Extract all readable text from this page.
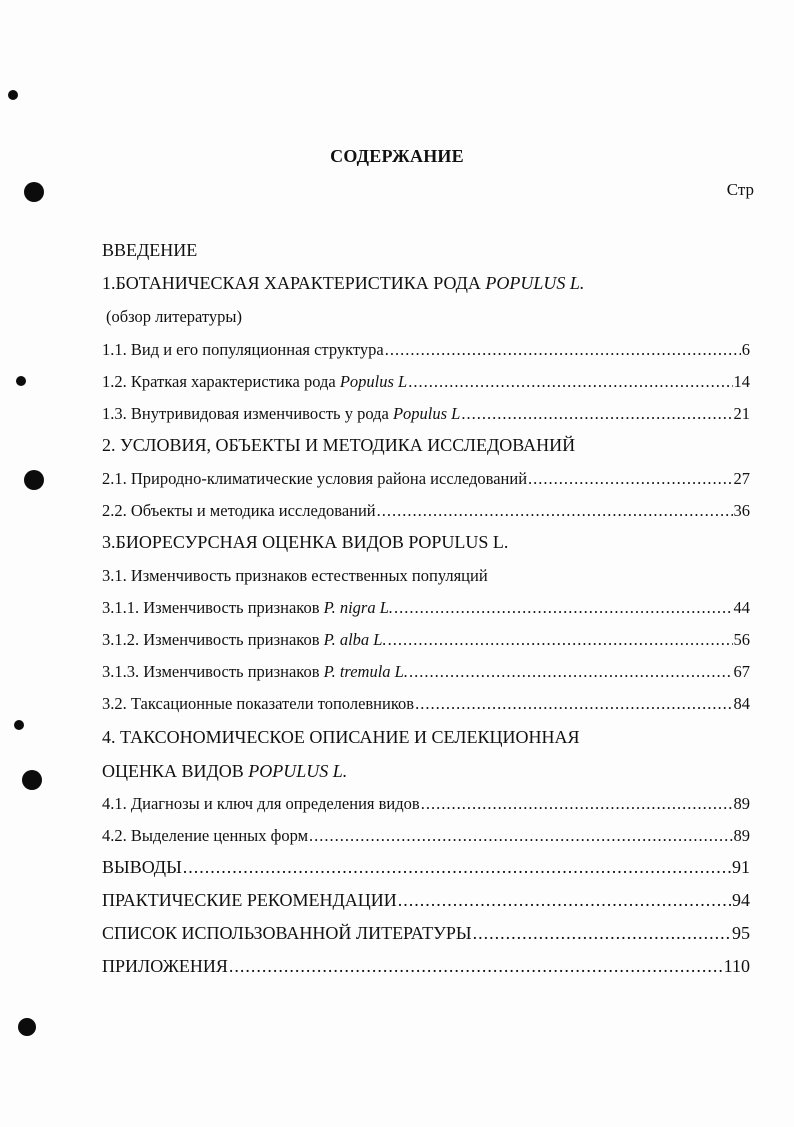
СОДЕРЖАНИЕ
Стр
ВВЕДЕНИЕ
1.БОТАНИЧЕСКАЯ ХАРАКТЕРИСТИКА РОДА POPULUS L.
(обзор литературы)
1.1. Вид и его популяционная структура .....	6
1.2. Краткая характеристика рода Populus L .....	14
1.3. Внутривидовая изменчивость у рода Populus L .....	21
2. УСЛОВИЯ, ОБЪЕКТЫ И МЕТОДИКА ИССЛЕДОВАНИЙ
2.1. Природно-климатические условия района исследований .....	27
2.2. Объекты и методика исследований .....	36
3.БИОРЕСУРСНАЯ ОЦЕНКА ВИДОВ POPULUS L.
3.1. Изменчивость признаков естественных популяций
3.1.1. Изменчивость признаков P. nigra L. .....	44
3.1.2. Изменчивость признаков P. alba L. .....	56
3.1.3. Изменчивость признаков P. tremula L. .....	67
3.2. Таксационные показатели тополевников .....	84
4. ТАКСОНОМИЧЕСКОЕ ОПИСАНИЕ И СЕЛЕКЦИОННАЯ
ОЦЕНКА ВИДОВ POPULUS L.
4.1. Диагнозы и ключ для определения видов .....	89
4.2. Выделение ценных форм .....	89
ВЫВОДЫ .....	91
ПРАКТИЧЕСКИЕ РЕКОМЕНДАЦИИ .....	94
СПИСОК ИСПОЛЬЗОВАННОЙ ЛИТЕРАТУРЫ .....	95
ПРИЛОЖЕНИЯ .....	110
